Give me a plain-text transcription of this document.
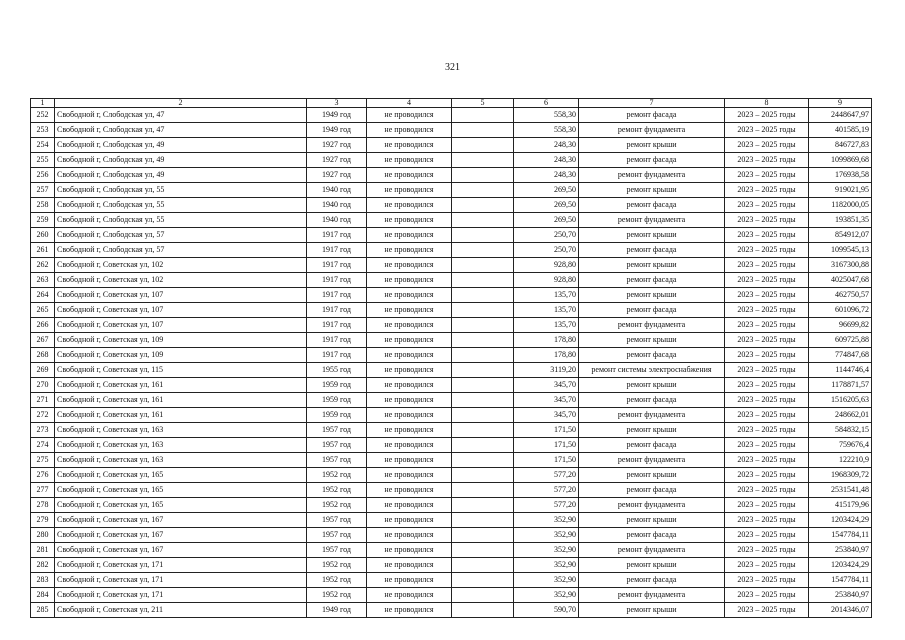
321
1	2	3	4	5	6	7	8	9
252	Свободной г, Слободская ул, 47	1949 год	не проводился		558,30	ремонт фасада	2023 – 2025 годы	2448647,97
253	Свободной г, Слободская ул, 47	1949 год	не проводился		558,30	ремонт фундамента	2023 – 2025 годы	401585,19
254	Свободной г, Слободская ул, 49	1927 год	не проводился		248,30	ремонт крыши	2023 – 2025 годы	846727,83
255	Свободной г, Слободская ул, 49	1927 год	не проводился		248,30	ремонт фасада	2023 – 2025 годы	1099869,68
256	Свободной г, Слободская ул, 49	1927 год	не проводился		248,30	ремонт фундамента	2023 – 2025 годы	176938,58
257	Свободной г, Слободская ул, 55	1940 год	не проводился		269,50	ремонт крыши	2023 – 2025 годы	919021,95
258	Свободной г, Слободская ул, 55	1940 год	не проводился		269,50	ремонт фасада	2023 – 2025 годы	1182000,05
259	Свободной г, Слободская ул, 55	1940 год	не проводился		269,50	ремонт фундамента	2023 – 2025 годы	193851,35
260	Свободной г, Слободская ул, 57	1917 год	не проводился		250,70	ремонт крыши	2023 – 2025 годы	854912,07
261	Свободной г, Слободская ул, 57	1917 год	не проводился		250,70	ремонт фасада	2023 – 2025 годы	1099545,13
262	Свободной г, Советская ул, 102	1917 год	не проводился		928,80	ремонт крыши	2023 – 2025 годы	3167300,88
263	Свободной г, Советская ул, 102	1917 год	не проводился		928,80	ремонт фасада	2023 – 2025 годы	4025047,68
264	Свободной г, Советская ул, 107	1917 год	не проводился		135,70	ремонт крыши	2023 – 2025 годы	462750,57
265	Свободной г, Советская ул, 107	1917 год	не проводился		135,70	ремонт фасада	2023 – 2025 годы	601096,72
266	Свободной г, Советская ул, 107	1917 год	не проводился		135,70	ремонт фундамента	2023 – 2025 годы	96699,82
267	Свободной г, Советская ул, 109	1917 год	не проводился		178,80	ремонт крыши	2023 – 2025 годы	609725,88
268	Свободной г, Советская ул, 109	1917 год	не проводился		178,80	ремонт фасада	2023 – 2025 годы	774847,68
269	Свободной г, Советская ул, 115	1955 год	не проводился		3119,20	ремонт системы электроснабжения	2023 – 2025 годы	1144746,4
270	Свободной г, Советская ул, 161	1959 год	не проводился		345,70	ремонт крыши	2023 – 2025 годы	1178871,57
271	Свободной г, Советская ул, 161	1959 год	не проводился		345,70	ремонт фасада	2023 – 2025 годы	1516205,63
272	Свободной г, Советская ул, 161	1959 год	не проводился		345,70	ремонт фундамента	2023 – 2025 годы	248662,01
273	Свободной г, Советская ул, 163	1957 год	не проводился		171,50	ремонт крыши	2023 – 2025 годы	584832,15
274	Свободной г, Советская ул, 163	1957 год	не проводился		171,50	ремонт фасада	2023 – 2025 годы	759676,4
275	Свободной г, Советская ул, 163	1957 год	не проводился		171,50	ремонт фундамента	2023 – 2025 годы	122210,9
276	Свободной г, Советская ул, 165	1952 год	не проводился		577,20	ремонт крыши	2023 – 2025 годы	1968309,72
277	Свободной г, Советская ул, 165	1952 год	не проводился		577,20	ремонт фасада	2023 – 2025 годы	2531541,48
278	Свободной г, Советская ул, 165	1952 год	не проводился		577,20	ремонт фундамента	2023 – 2025 годы	415179,96
279	Свободной г, Советская ул, 167	1957 год	не проводился		352,90	ремонт крыши	2023 – 2025 годы	1203424,29
280	Свободной г, Советская ул, 167	1957 год	не проводился		352,90	ремонт фасада	2023 – 2025 годы	1547784,11
281	Свободной г, Советская ул, 167	1957 год	не проводился		352,90	ремонт фундамента	2023 – 2025 годы	253840,97
282	Свободной г, Советская ул, 171	1952 год	не проводился		352,90	ремонт крыши	2023 – 2025 годы	1203424,29
283	Свободной г, Советская ул, 171	1952 год	не проводился		352,90	ремонт фасада	2023 – 2025 годы	1547784,11
284	Свободной г, Советская ул, 171	1952 год	не проводился		352,90	ремонт фундамента	2023 – 2025 годы	253840,97
285	Свободной г, Советская ул, 211	1949 год	не проводился		590,70	ремонт крыши	2023 – 2025 годы	2014346,07
